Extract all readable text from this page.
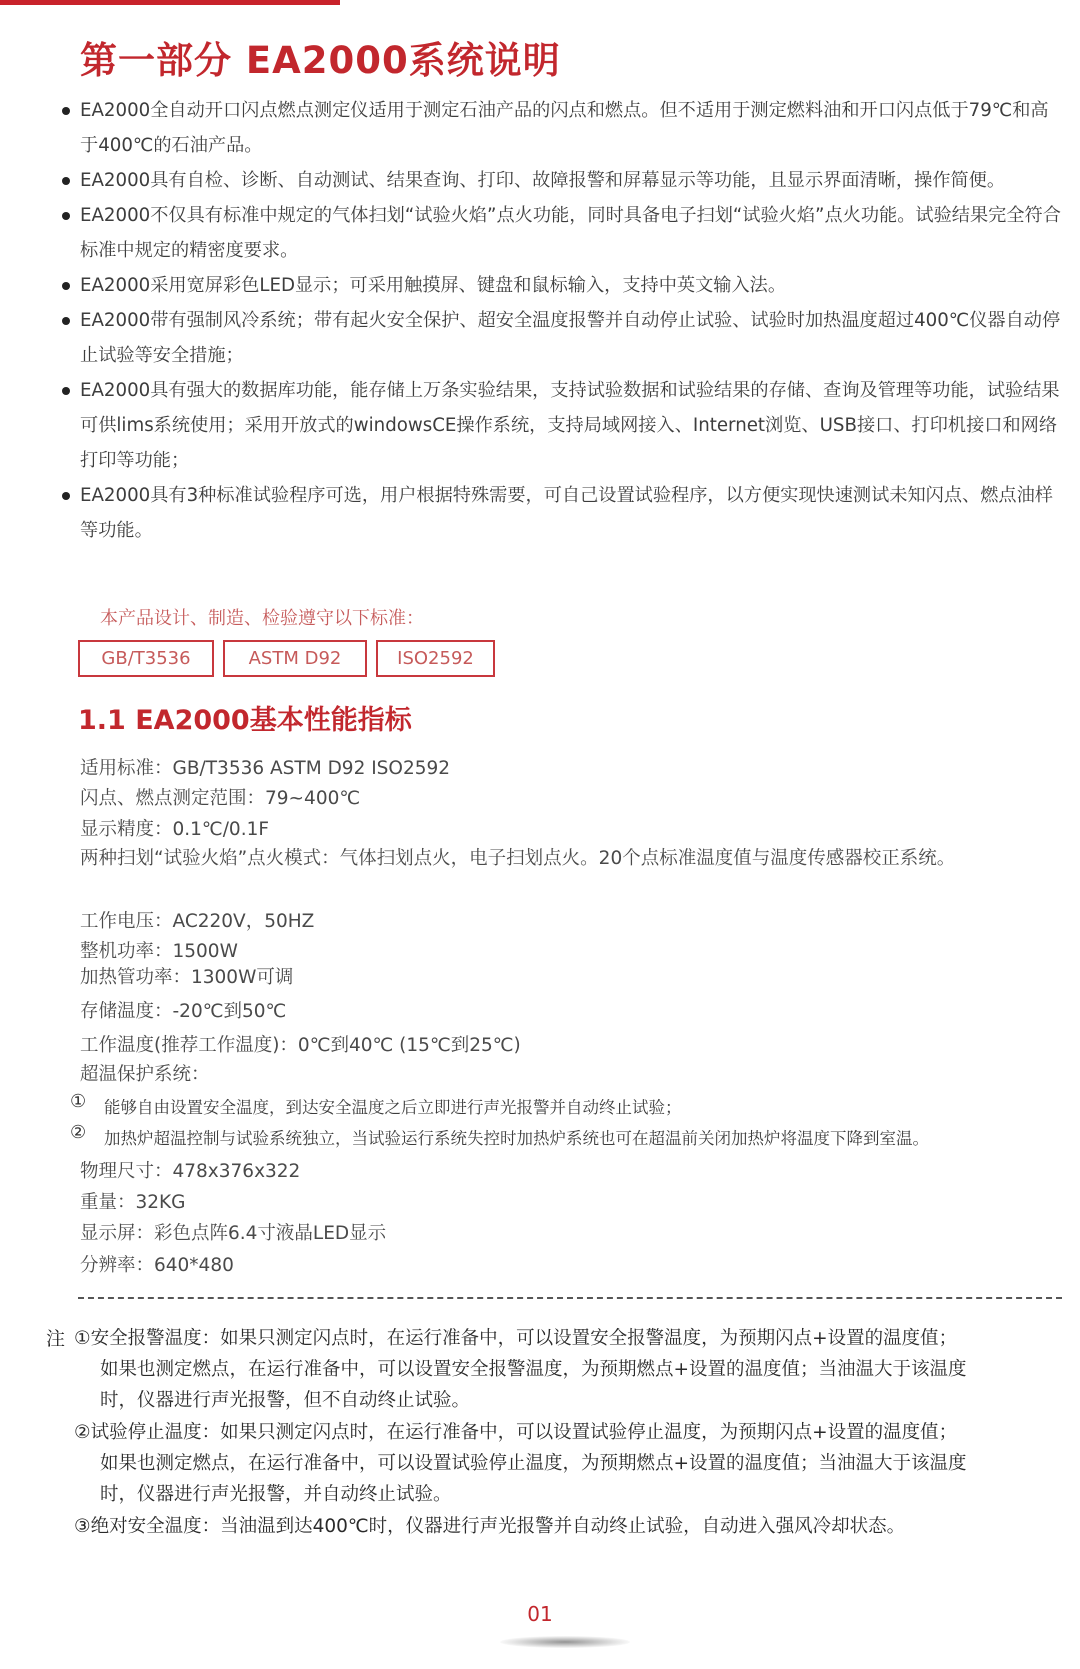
第一部分 EA2000系统说明
EA2000全自动开口闪点燃点测定仪适用于测定石油产品的闪点和燃点。但不适用于测定燃料油和开口闪点低于79℃和高于400℃的石油产品。
EA2000具有自检、诊断、自动测试、结果查询、打印、故障报警和屏幕显示等功能，且显示界面清晰，操作简便。
EA2000不仅具有标准中规定的气体扫划“试验火焰”点火功能，同时具备电子扫划“试验火焰”点火功能。试验结果完全符合标准中规定的精密度要求。
EA2000采用宽屏彩色LED显示；可采用触摸屏、键盘和鼠标输入，支持中英文输入法。
EA2000带有强制风冷系统；带有起火安全保护、超安全温度报警并自动停止试验、试验时加热温度超过400℃仪器自动停止试验等安全措施；
EA2000具有强大的数据库功能，能存储上万条实验结果，支持试验数据和试验结果的存储、查询及管理等功能，试验结果可供lims系统使用；采用开放式的windowsCE操作系统，支持局域网接入、Internet浏览、USB接口、打印机接口和网络打印等功能；
EA2000具有3种标准试验程序可选，用户根据特殊需要，可自己设置试验程序，以方便实现快速测试未知闪点、燃点油样等功能。
本产品设计、制造、检验遵守以下标准：
GB/T3536	ASTM D92	ISO2592
1.1 EA2000基本性能指标
适用标准：GB/T3536 ASTM D92 ISO2592
闪点、燃点测定范围：79~400℃
显示精度：0.1℃/0.1F
两种扫划“试验火焰”点火模式：气体扫划点火，电子扫划点火。20个点标准温度值与温度传感器校正系统。
工作电压：AC220V，50HZ
整机功率：1500W
加热管功率：1300W可调
存储温度：-20℃到50℃
工作温度(推荐工作温度)：0℃到40℃ (15℃到25℃)
超温保护系统：
① 能够自由设置安全温度，到达安全温度之后立即进行声光报警并自动终止试验；
② 加热炉超温控制与试验系统独立，当试验运行系统失控时加热炉系统也可在超温前关闭加热炉将温度下降到室温。
物理尺寸：478x376x322
重量：32KG
显示屏：彩色点阵6.4寸液晶LED显示
分辨率：640*480
注 ①安全报警温度：如果只测定闪点时，在运行准备中，可以设置安全报警温度，为预期闪点+设置的温度值；
如果也测定燃点，在运行准备中，可以设置安全报警温度，为预期燃点+设置的温度值；当油温大于该温度
时，仪器进行声光报警，但不自动终止试验。
②试验停止温度：如果只测定闪点时，在运行准备中，可以设置试验停止温度，为预期闪点+设置的温度值；
如果也测定燃点，在运行准备中，可以设置试验停止温度，为预期燃点+设置的温度值；当油温大于该温度
时，仪器进行声光报警，并自动终止试验。
③绝对安全温度：当油温到达400℃时，仪器进行声光报警并自动终止试验，自动进入强风冷却状态。
01
